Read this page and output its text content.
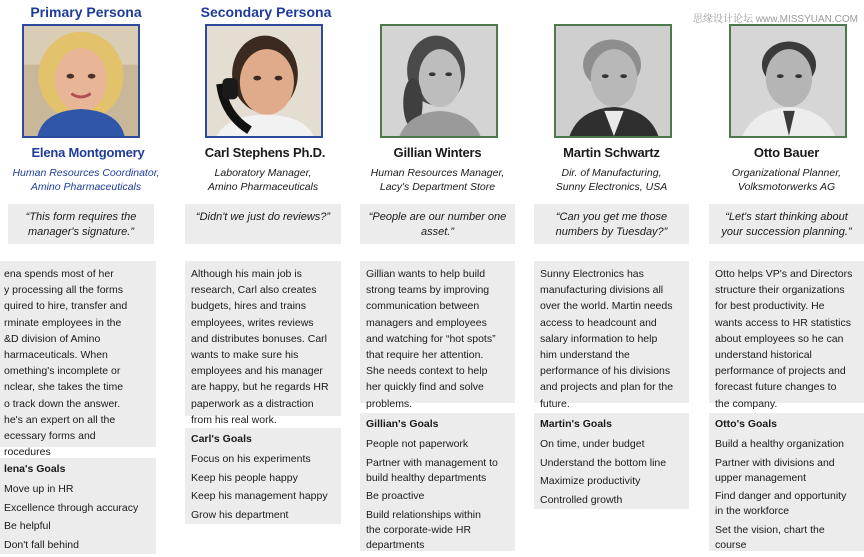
思缘设计论坛 www.MISSYUAN.COM
Primary Persona
Elena Montgomery
Human Resources Coordinator,
Amino Pharmaceuticals
“This form requires the
manager's signature.”
ena spends most of her
y processing all the forms
quired to hire, transfer and
rminate employees in the
&D division of Amino
harmaceuticals. When
omething's incomplete or
nclear, she takes the time
o track down the answer.
he's an expert on all the
ecessary forms and
rocedures
lena's Goals
Move up in HR
Excellence through accuracy
Be helpful
Don't fall behind
Secondary Persona
Carl Stephens Ph.D.
Laboratory Manager,
Amino Pharmaceuticals
“Didn't we just do reviews?”
Although his main job is
research, Carl also creates
budgets, hires and trains
employees, writes reviews
and distributes bonuses. Carl
wants to make sure his
employees and his manager
are happy, but he regards HR
paperwork as a distraction
from his real work.
Carl's Goals
Focus on his experiments
Keep his people happy
Keep his management happy
Grow his department
Gillian Winters
Human Resources Manager,
Lacy's Department Store
“People are our number one
asset.”
Gillian wants to help build
strong teams by improving
communication between
managers and employees
and watching for “hot spots”
that require her attention.
She needs context to help
her quickly find and solve
problems.
Gillian's Goals
People not paperwork
Partner with management to
build healthy departments
Be proactive
Build relationships within
the corporate-wide HR
departments
Martin Schwartz
Dir. of Manufacturing,
Sunny Electronics, USA
“Can you get me those
numbers by Tuesday?”
Sunny Electronics has
manufacturing divisions all
over the world. Martin needs
access to headcount and
salary information to help
him understand the
performance of his divisions
and projects and plan for the
future.
Martin's Goals
On time, under budget
Understand the bottom line
Maximize productivity
Controlled growth
Otto Bauer
Organizational Planner,
Volksmotorwerks AG
“Let's start thinking about
your succession planning.”
Otto helps VP's and Directors
structure their organizations
for best productivity. He
wants access to HR statistics
about employees so he can
understand historical
performance of projects and
forecast future changes to
the company.
Otto's Goals
Build a healthy organization
Partner with divisions and
upper management
Find danger and opportunity
in the workforce
Set the vision, chart the
course
